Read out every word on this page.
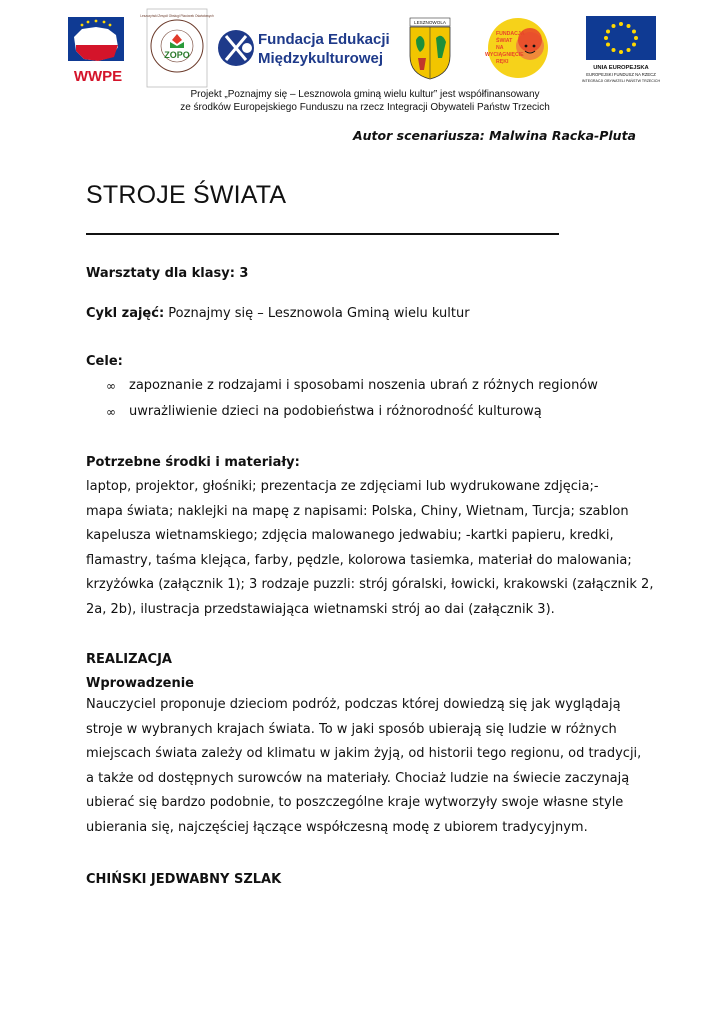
WWPE
ZOPO
Leszczyński Zespół Obsługi Placówek Oświatowych
Fundacja Edukacji
Międzykulturowej
LESZNOWOLA
FUNDACJA
ŚWIAT
NA
WYCIĄGNIĘCIE
RĘKI
UNIA EUROPEJSKA
EUROPEJSKI FUNDUSZ NA RZECZ
INTEGRACJI OBYWATELI PAŃSTW TRZECICH
Projekt „Poznajmy się – Lesznowola gminą wielu kultur” jest współfinansowany
ze środków Europejskiego Funduszu na rzecz Integracji Obywateli Państw Trzecich
Autor scenariusza: Malwina Racka-Pluta
STROJE ŚWIATA
Warsztaty dla klasy: 3
Cykl zajęć: Poznajmy się – Lesznowola Gminą wielu kultur
Cele:
∞ zapoznanie z rodzajami i sposobami noszenia ubrań z różnych regionów
∞ uwrażliwienie dzieci na podobieństwa i różnorodność kulturową
Potrzebne środki i materiały:

laptop, projektor, głośniki; prezentacja ze zdjęciami lub wydrukowane zdjęcia;-
mapa świata; naklejki na mapę z napisami: Polska, Chiny, Wietnam, Turcja; szablon
kapelusza wietnamskiego; zdjęcia malowanego jedwabiu; -kartki papieru, kredki,
flamastry, taśma klejąca, farby, pędzle, kolorowa tasiemka, materiał do malowania;
krzyżówka (załącznik 1); 3 rodzaje puzzli: strój góralski, łowicki, krakowski (załącznik 2,
2a, 2b), ilustracja przedstawiająca wietnamski strój ao dai (załącznik 3).

REALIZACJA
Wprowadzenie

Nauczyciel proponuje dzieciom podróż, podczas której dowiedzą się jak wyglądają
stroje w wybranych krajach świata. To w jaki sposób ubierają się ludzie w różnych
miejscach świata zależy od klimatu w jakim żyją, od historii tego regionu, od tradycji,
a także od dostępnych surowców na materiały. Chociaż ludzie na świecie zaczynają
ubierać się bardzo podobnie, to poszczególne kraje wytworzyły swoje własne style
ubierania się, najczęściej łączące współczesną modę z ubiorem tradycyjnym.

CHIŃSKI JEDWABNY SZLAK
